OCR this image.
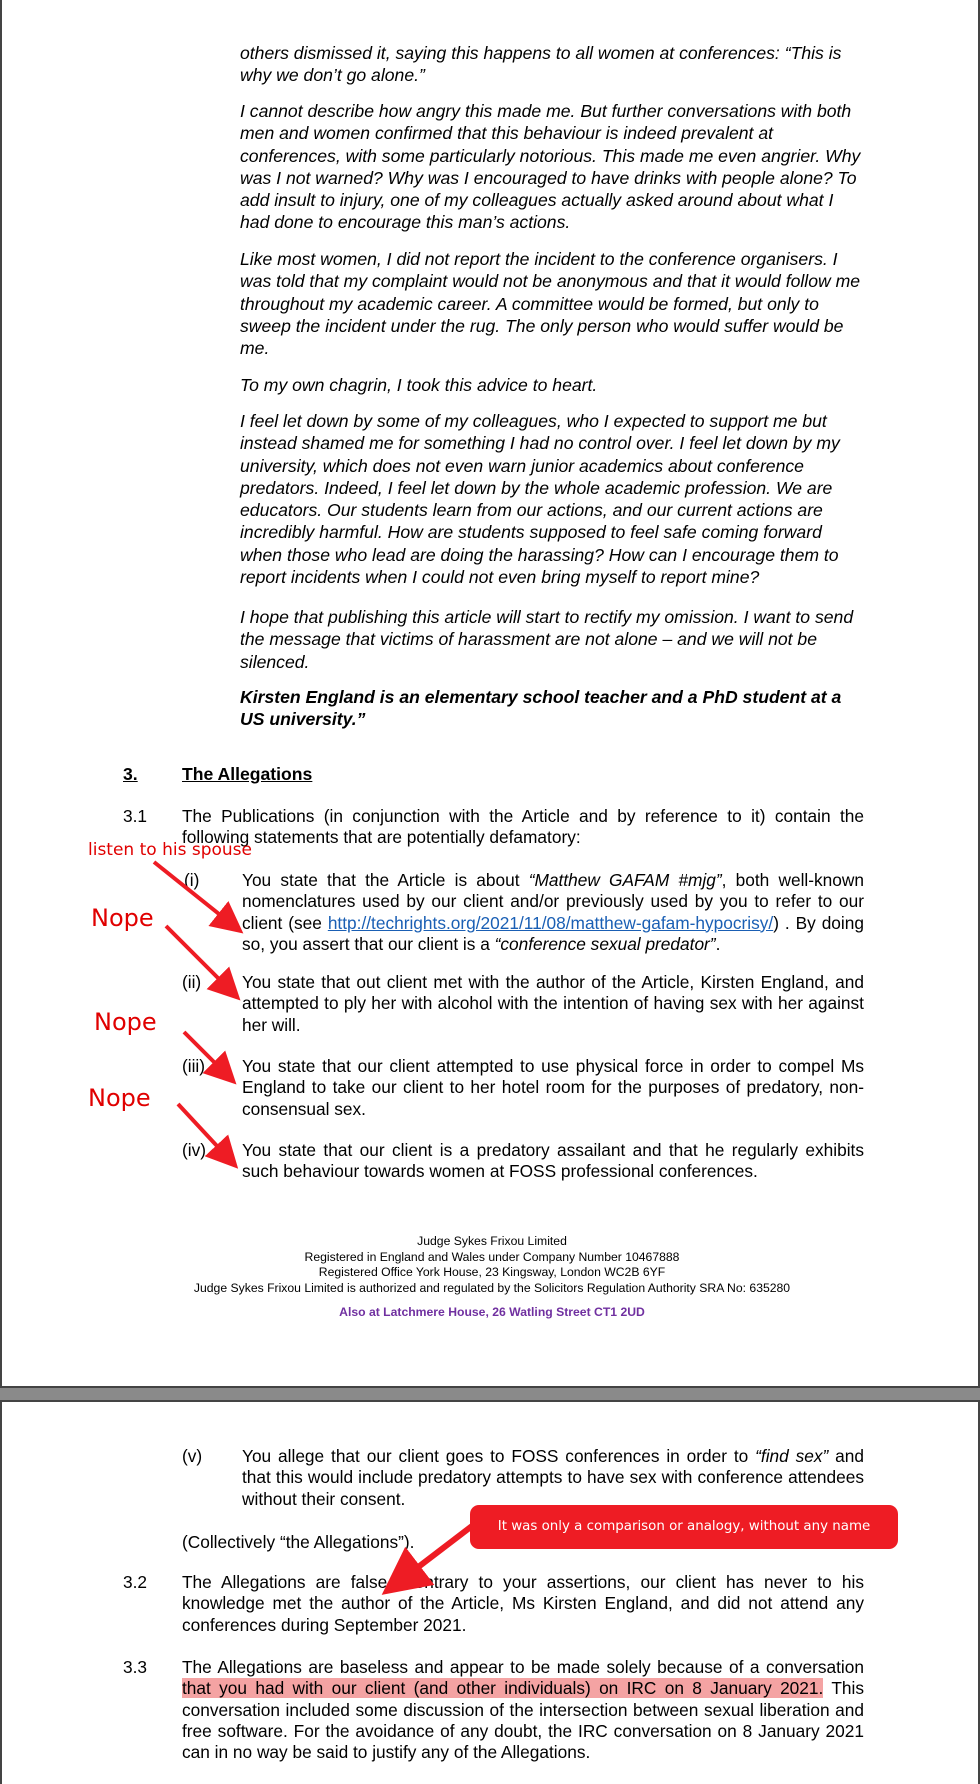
others dismissed it, saying this happens to all women at conferences: “This is why we don’t go alone.”

I cannot describe how angry this made me. But further conversations with both men and women confirmed that this behaviour is indeed prevalent at conferences, with some particularly notorious. This made me even angrier. Why was I not warned? Why was I encouraged to have drinks with people alone? To add insult to injury, one of my colleagues actually asked around about what I had done to encourage this man’s actions.

Like most women, I did not report the incident to the conference organisers. I was told that my complaint would not be anonymous and that it would follow me throughout my academic career. A committee would be formed, but only to sweep the incident under the rug. The only person who would suffer would be me.

To my own chagrin, I took this advice to heart.

I feel let down by some of my colleagues, who I expected to support me but instead shamed me for something I had no control over. I feel let down by my university, which does not even warn junior academics about conference predators. Indeed, I feel let down by the whole academic profession. We are educators. Our students learn from our actions, and our current actions are incredibly harmful. How are students supposed to feel safe coming forward when those who lead are doing the harassing? How can I encourage them to report incidents when I could not even bring myself to report mine?

I hope that publishing this article will start to rectify my omission. I want to send the message that victims of harassment are not alone – and we will not be silenced.

Kirsten England is an elementary school teacher and a PhD student at a US university.”

3.	The Allegations
3.1 The Publications (in conjunction with the Article and by reference to it) contain the following statements that are potentially defamatory:
(i) You state that the Article is about “Matthew GAFAM #mjg”, both well-known nomenclatures used by our client and/or previously used by you to refer to our client (see http://techrights.org/2021/11/08/matthew-gafam-hypocrisy/) . By doing so, you assert that our client is a “conference sexual predator”.
(ii) You state that out client met with the author of the Article, Kirsten England, and attempted to ply her with alcohol with the intention of having sex with her against her will.
(iii) You state that our client attempted to use physical force in order to compel Ms England to take our client to her hotel room for the purposes of predatory, non-consensual sex.
(iv) You state that our client is a predatory assailant and that he regularly exhibits such behaviour towards women at FOSS professional conferences.
Judge Sykes Frixou Limited
Registered in England and Wales under Company Number 10467888
Registered Office York House, 23 Kingsway, London WC2B 6YF
Judge Sykes Frixou Limited is authorized and regulated by the Solicitors Regulation Authority SRA No: 635280
Also at Latchmere House, 26 Watling Street CT1 2UD
listen to his spouse
Nope
Nope
Nope
(v) You allege that our client goes to FOSS conferences in order to “find sex” and that this would include predatory attempts to have sex with conference attendees without their consent.
(Collectively “the Allegations”).
3.2 The Allegations are false. Contrary to your assertions, our client has never to his knowledge met the author of the Article, Ms Kirsten England, and did not attend any conferences during September 2021.
3.3 The Allegations are baseless and appear to be made solely because of a conversation that you had with our client (and other individuals) on IRC on 8 January 2021. This conversation included some discussion of the intersection between sexual liberation and free software. For the avoidance of any doubt, the IRC conversation on 8 January 2021 can in no way be said to justify any of the Allegations.
It was only a comparison or analogy, without any name
